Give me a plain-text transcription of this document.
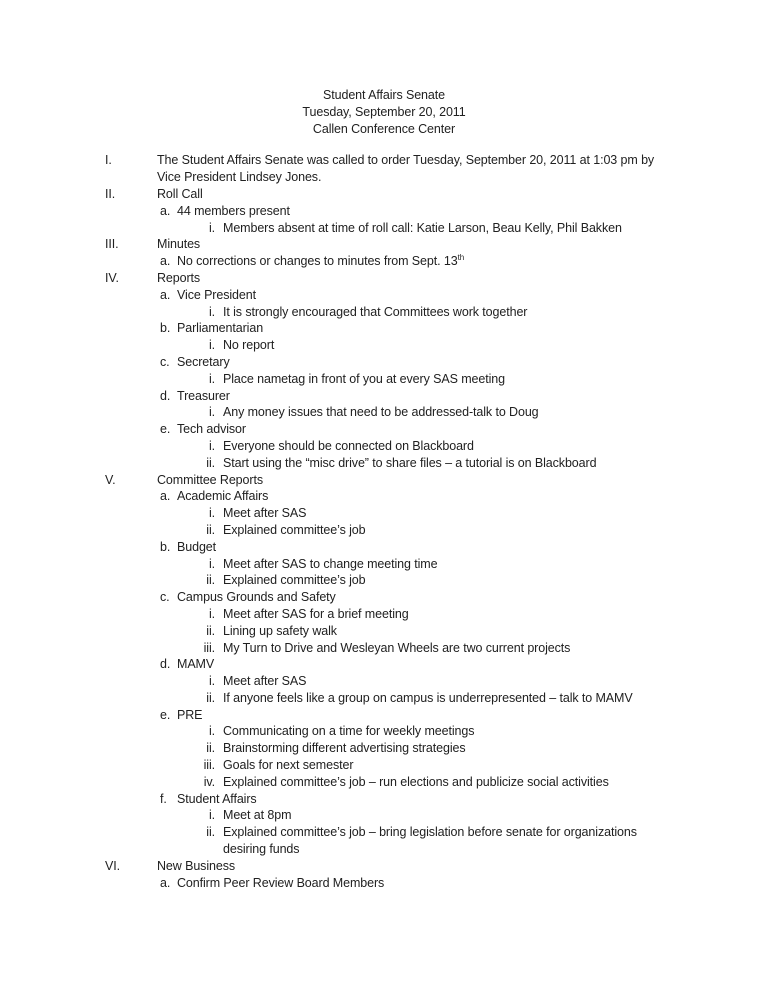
Student Affairs Senate
Tuesday, September 20, 2011
Callen Conference Center
I.	The Student Affairs Senate was called to order Tuesday, September 20, 2011 at 1:03 pm by
Vice President Lindsey Jones.
II.	Roll Call
a. 44 members present
i. Members absent at time of roll call: Katie Larson, Beau Kelly, Phil Bakken
III.	Minutes
a. No corrections or changes to minutes from Sept. 13th
IV.	Reports
a. Vice President
i. It is strongly encouraged that Committees work together
b. Parliamentarian
i. No report
c. Secretary
i. Place nametag in front of you at every SAS meeting
d. Treasurer
i. Any money issues that need to be addressed-talk to Doug
e. Tech advisor
i. Everyone should be connected on Blackboard
ii. Start using the “misc drive” to share files – a tutorial is on Blackboard
V.	Committee Reports
a. Academic Affairs
i. Meet after SAS
ii. Explained committee’s job
b. Budget
i. Meet after SAS to change meeting time
ii. Explained committee’s job
c. Campus Grounds and Safety
i. Meet after SAS for a brief meeting
ii. Lining up safety walk
iii. My Turn to Drive and Wesleyan Wheels are two current projects
d. MAMV
i. Meet after SAS
ii. If anyone feels like a group on campus is underrepresented – talk to MAMV
e. PRE
i. Communicating on a time for weekly meetings
ii. Brainstorming different advertising strategies
iii. Goals for next semester
iv. Explained committee’s job – run elections and publicize social activities
f. Student Affairs
i. Meet at 8pm
ii. Explained committee’s job – bring legislation before senate for organizations
desiring funds
VI.	New Business
a. Confirm Peer Review Board Members
